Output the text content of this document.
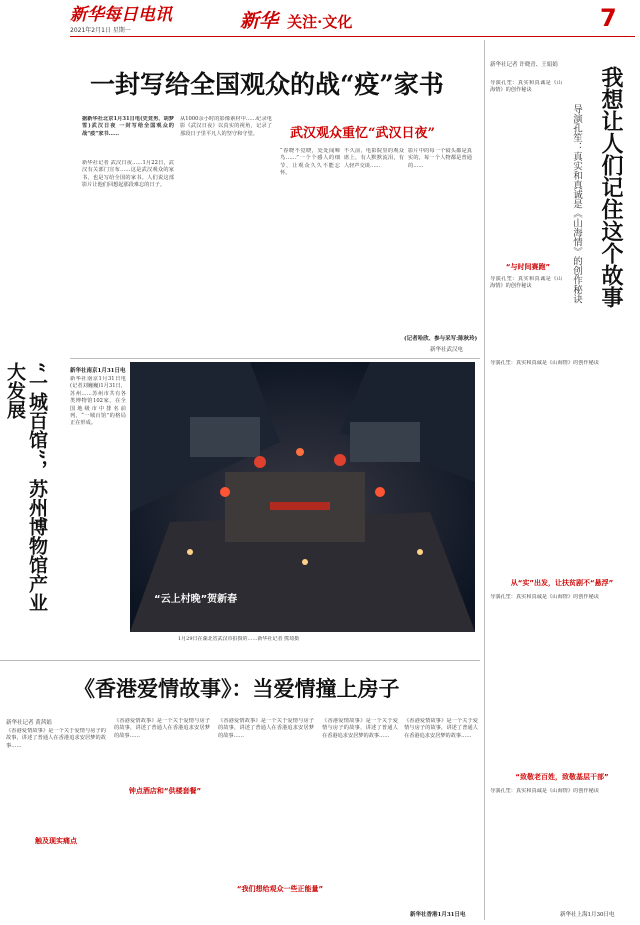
新华每日电讯
2021年2月1日 星期一	新华 关注·文化	7
一封写给全国观众的战“疫”家书
据新华社北京1月31日电(史竞男、胡梦雪)武汉日夜 一封写给全国观众的战“疫”家书……
新华社记者 武汉日夜……1月22日，武汉有关部门宣布……这是武汉观众的家书，也是写给全国的家书。人们说这部影片让他们回想起那段难忘的日子。
从1000余小时的影像素材中……纪录电影《武汉日夜》以真实的视角，记录了那段日子里平凡人的坚守和守望。	武汉观众重忆“武汉日夜”
“春晓不觉晓，处处闻啼鸟……”一个个感人的细节，让观众久久不能忘怀。
不久前，电影院里的观众席上，有人默默流泪，有人轻声交谈……
影片中的每一个镜头都是真实的，每一个人物都是普通的……
(记者哈欣、参与采写:陈秋玲)
新华社武汉电
“一城百馆”，苏州博物馆产业大发展	新华社南京1月31日电
新华社南京1月31日电(记者刘巍巍)1月31日，苏州……苏州市共有各类博物馆102家，在全国地级市中排名前列，“一城百馆”的格局正在形成。
“云上村晚”贺新春
1月29日在湖北省武汉市拍摄的……新华社记者 熊琦摄
《香港爱情故事》：当爱情撞上房子
新华社记者 黄茜娟
《香港爱情故事》是一个关于爱情与房子的故事，讲述了普通人在香港追求安居梦的故事……
触及现实痛点
《香港爱情故事》是一个关于爱情与房子的故事，讲述了普通人在香港追求安居梦的故事……
钟点酒店和“供楼套餐”
《香港爱情故事》是一个关于爱情与房子的故事，讲述了普通人在香港追求安居梦的故事……
“我们想给观众一些正能量”
《香港爱情故事》是一个关于爱情与房子的故事，讲述了普通人在香港追求安居梦的故事……
《香港爱情故事》是一个关于爱情与房子的故事，讲述了普通人在香港追求安居梦的故事……
新华社香港1月31日电
新华社记者 许晓青、王娟娟
我想让人们记住这个故事
导演孔笙：真实和真诚是《山海情》的创作秘诀
导演孔笙：真实和真诚是《山海情》的创作秘诀
“与时间赛跑”
导演孔笙：真实和真诚是《山海情》的创作秘诀
导演孔笙：真实和真诚是《山海情》的创作秘诀
从“实”出发，让扶贫剧不“悬浮”
导演孔笙：真实和真诚是《山海情》的创作秘诀
“致敬老百姓，致敬基层干部”
导演孔笙：真实和真诚是《山海情》的创作秘诀
新华社上海1月30日电
